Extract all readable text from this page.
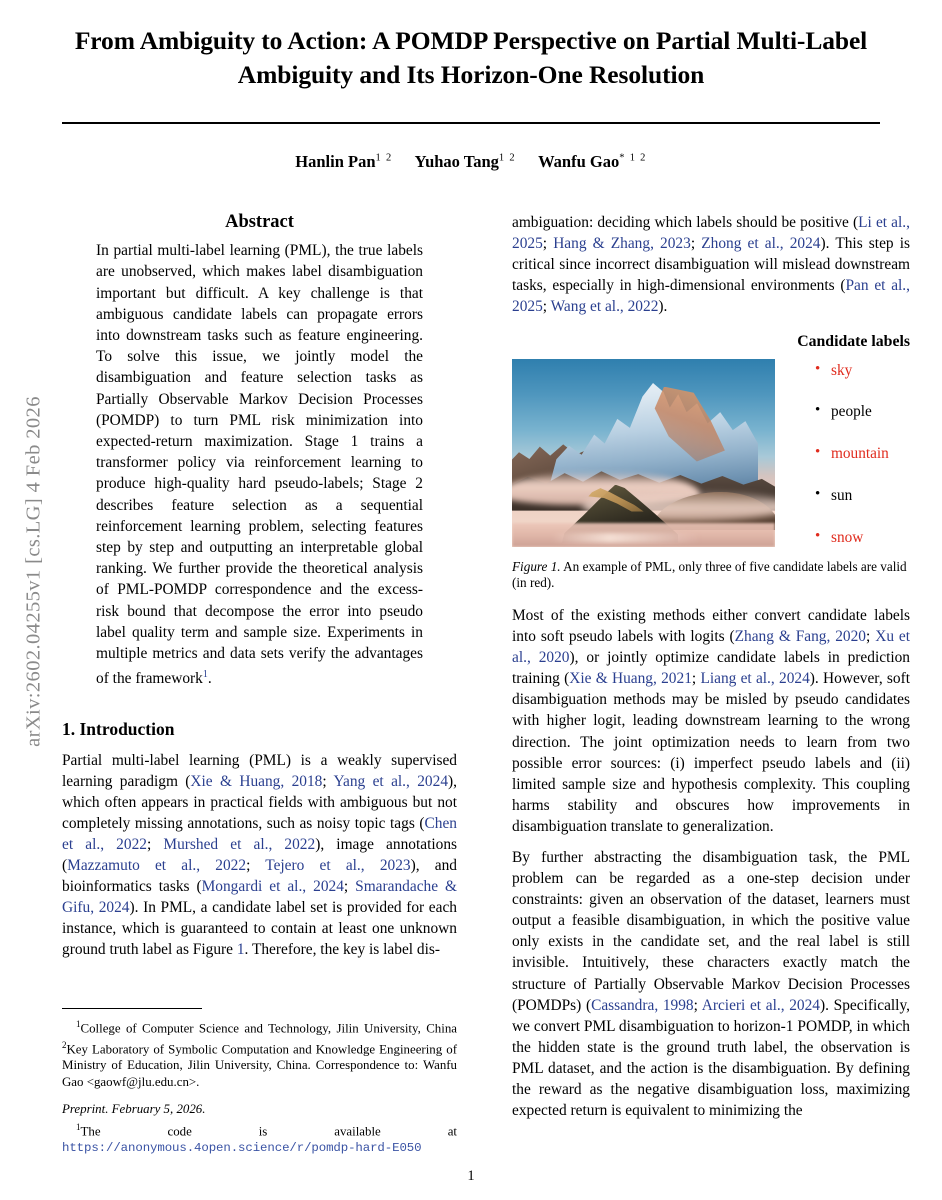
arXiv:2602.04255v1 [cs.LG] 4 Feb 2026
From Ambiguity to Action: A POMDP Perspective on Partial Multi-Label Ambiguity and Its Horizon-One Resolution
Hanlin Pan$^{1 2}$ Yuhao Tang$^{1 2}$ Wanfu Gao$^{* 1 2}$
Abstract

In partial multi-label learning (PML), the true labels are unobserved, which makes label disambiguation important but difficult. A key challenge is that ambiguous candidate labels can propagate errors into downstream tasks such as feature engineering. To solve this issue, we jointly model the disambiguation and feature selection tasks as Partially Observable Markov Decision Processes (POMDP) to turn PML risk minimization into expected-return maximization. Stage 1 trains a transformer policy via reinforcement learning to produce high-quality hard pseudo-labels; Stage 2 describes feature selection as a sequential reinforcement learning problem, selecting features step by step and outputting an interpretable global ranking. We further provide the theoretical analysis of PML-POMDP correspondence and the excess-risk bound that decompose the error into pseudo label quality term and sample size. Experiments in multiple metrics and data sets verify the advantages of the framework$^1$.

1. Introduction

Partial multi-label learning (PML) is a weakly supervised learning paradigm (Xie & Huang, 2018; Yang et al., 2024), which often appears in practical fields with ambiguous but not completely missing annotations, such as noisy topic tags (Chen et al., 2022; Murshed et al., 2022), image annotations (Mazzamuto et al., 2022; Tejero et al., 2023), and bioinformatics tasks (Mongardi et al., 2024; Smarandache & Gifu, 2024). In PML, a candidate label set is provided for each instance, which is guaranteed to contain at least one unknown ground truth label as Figure 1. Therefore, the key is label dis-

ambiguation: deciding which labels should be positive (Li et al., 2025; Hang & Zhang, 2023; Zhong et al., 2024). This step is critical since incorrect disambiguation will mislead downstream tasks, especially in high-dimensional environments (Pan et al., 2025; Wang et al., 2022).

Candidate labels
• sky
• people
• mountain
• sun
• snow

Figure 1. An example of PML, only three of five candidate labels are valid (in red).

Most of the existing methods either convert candidate labels into soft pseudo labels with logits (Zhang & Fang, 2020; Xu et al., 2020), or jointly optimize candidate labels in prediction training (Xie & Huang, 2021; Liang et al., 2024). However, soft disambiguation methods may be misled by pseudo candidates with higher logit, leading downstream learning to the wrong direction. The joint optimization needs to learn from two possible error sources: (i) imperfect pseudo labels and (ii) limited sample size and hypothesis complexity. This coupling harms stability and obscures how improvements in disambiguation translate to generalization.

By further abstracting the disambiguation task, the PML problem can be regarded as a one-step decision under constraints: given an observation of the dataset, learners must output a feasible disambiguation, in which the positive value only exists in the candidate set, and the real label is still invisible. Intuitively, these characters exactly match the structure of Partially Observable Markov Decision Processes (POMDPs) (Cassandra, 1998; Arcieri et al., 2024). Specifically, we convert PML disambiguation to horizon-1 POMDP, in which the hidden state is the ground truth label, the observation is PML dataset, and the action is the disambiguation. By defining the reward as the negative disambiguation loss, maximizing expected return is equivalent to minimizing the

$^1$College of Computer Science and Technology, Jilin University, China $^2$Key Laboratory of Symbolic Computation and Knowledge Engineering of Ministry of Education, Jilin University, China. Correspondence to: Wanfu Gao <gaowf@jlu.edu.cn>.

Preprint. February 5, 2026.

$^1$The code is available at https://anonymous.4open.science/r/pomdp-hard-E050

1
